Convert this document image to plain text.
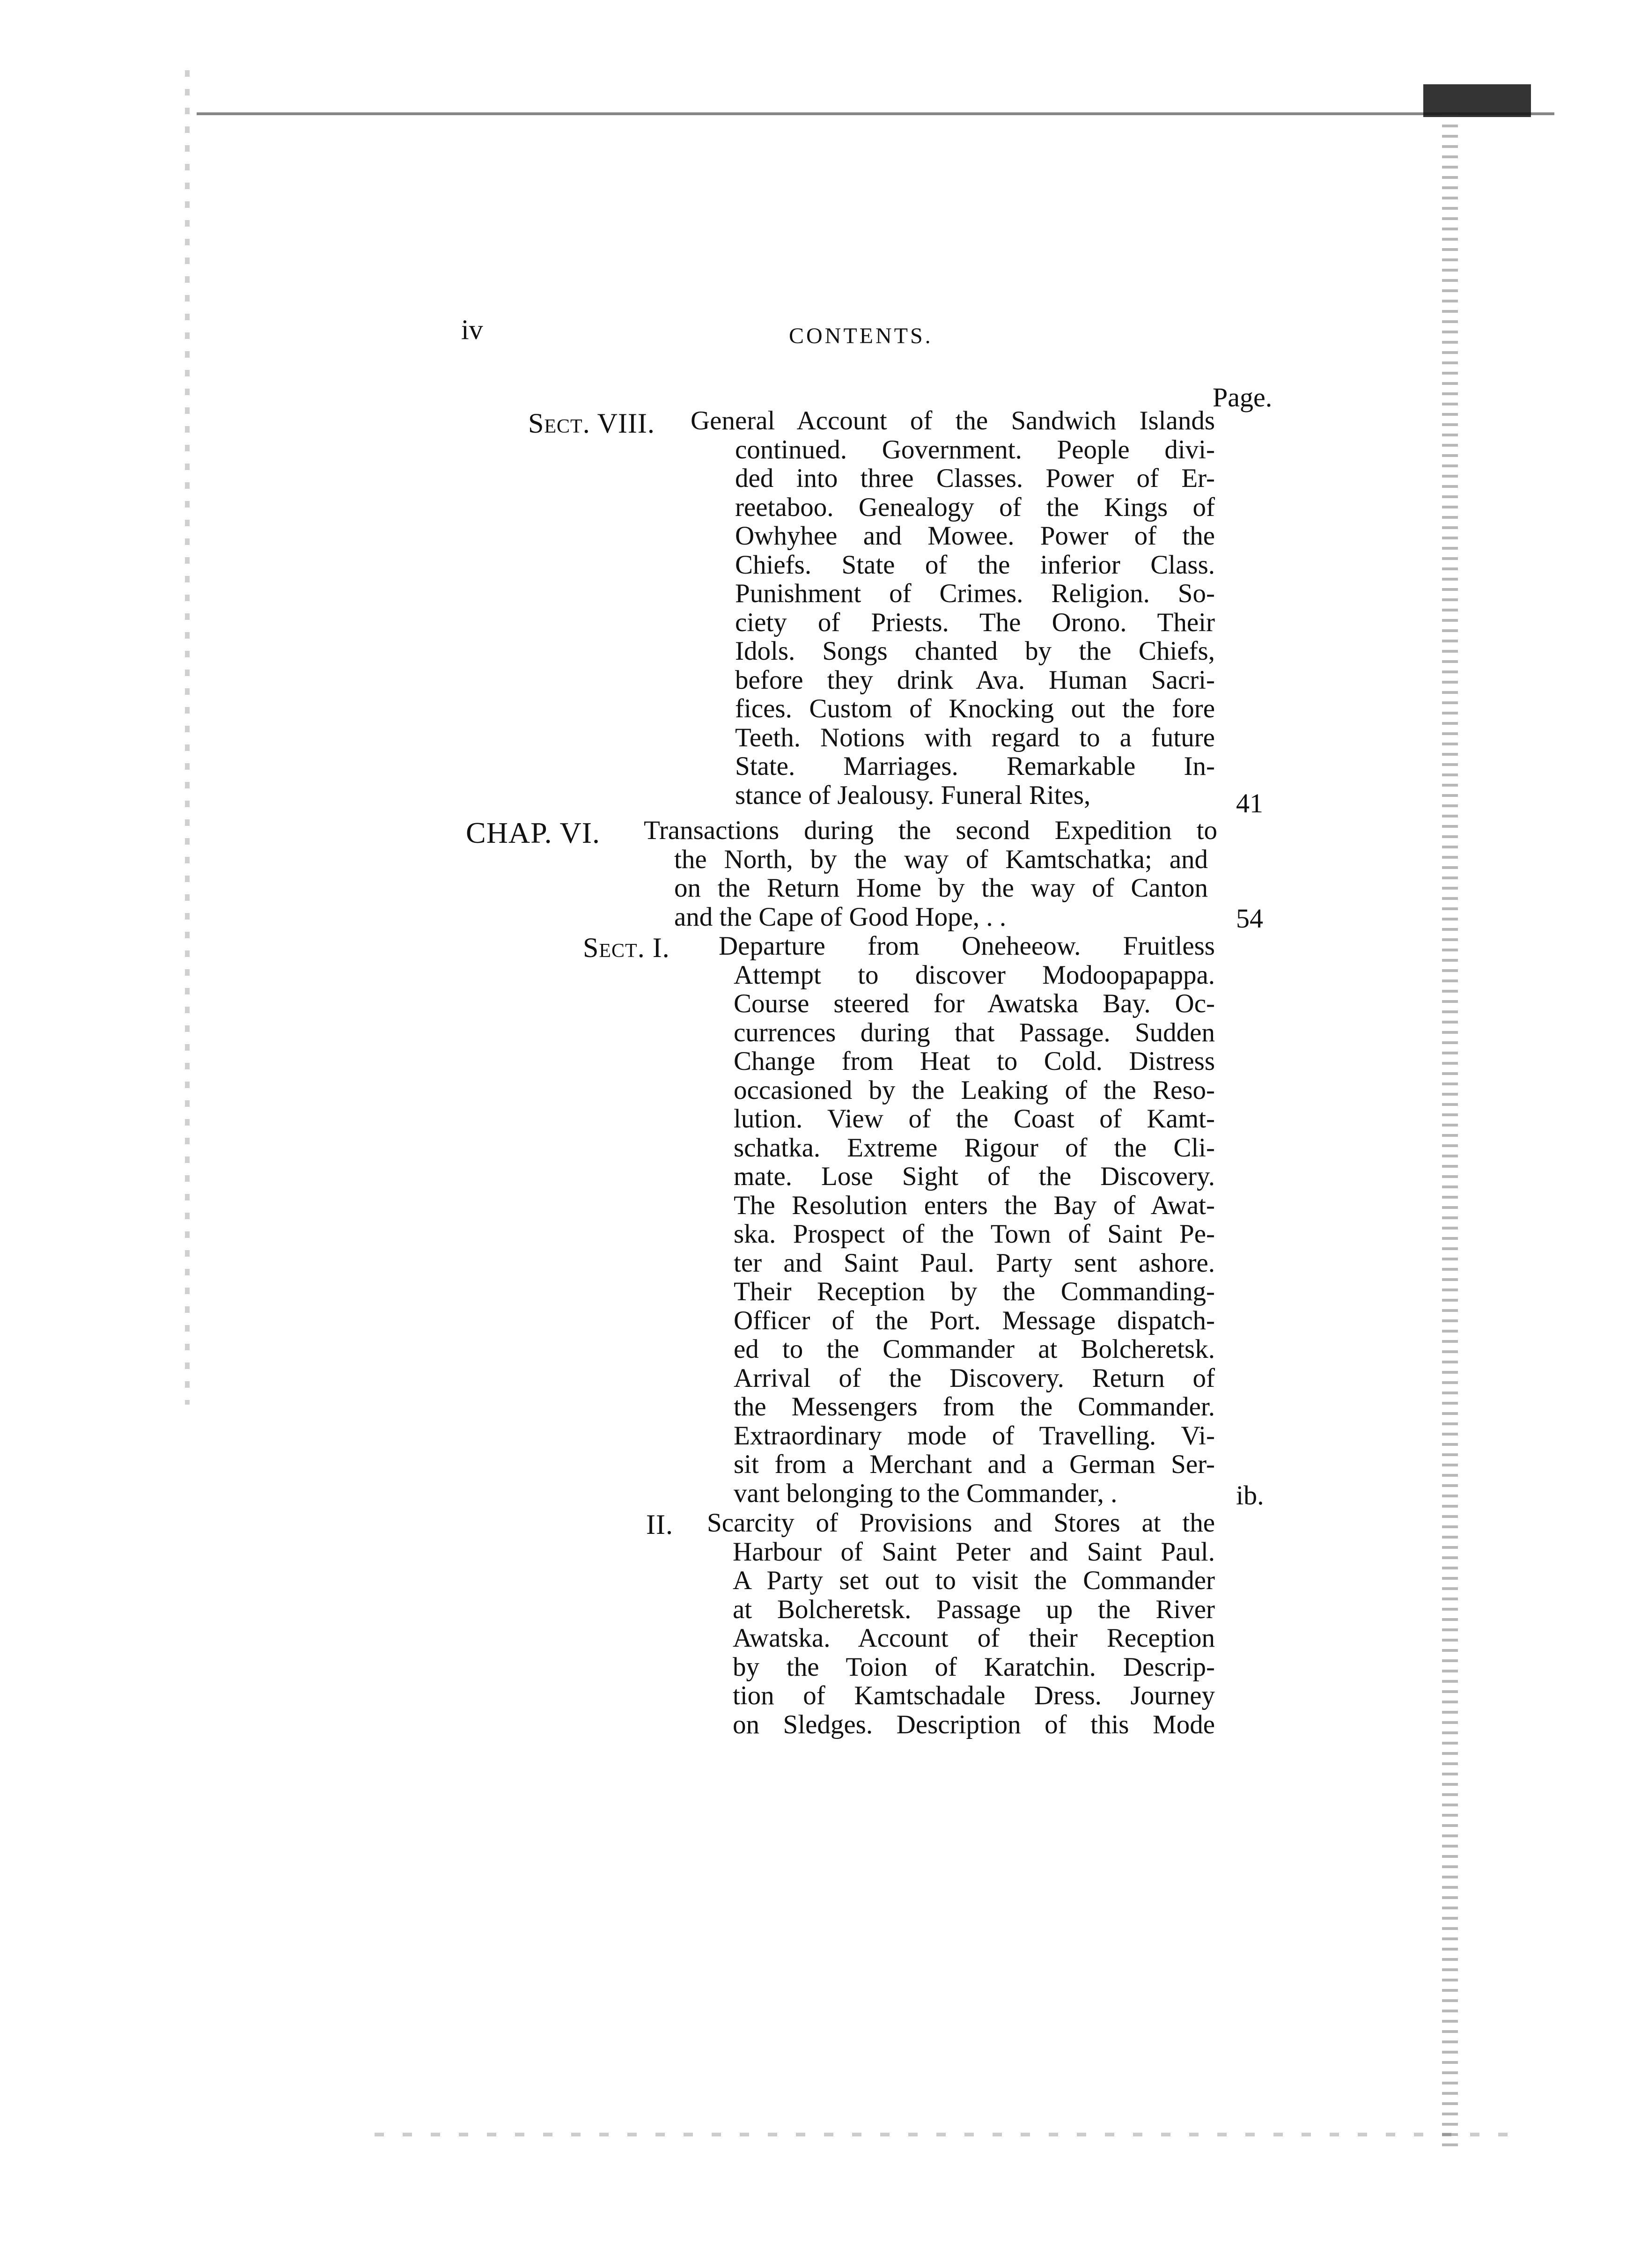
iv	CONTENTS.
Page.
Sect. VIII. General Account of the Sandwich Islands
continued. Government. People divi-
ded into three Classes. Power of Er-
reetaboo. Genealogy of the Kings of
Owhyhee and Mowee. Power of the
Chiefs. State of the inferior Class.
Punishment of Crimes. Religion. So-
ciety of Priests. The Orono. Their
Idols. Songs chanted by the Chiefs,
before they drink Ava. Human Sacri-
fices. Custom of Knocking out the fore
Teeth. Notions with regard to a future
State. Marriages. Remarkable In-
stance of Jealousy. Funeral Rites,	41
CHAP. VI. Transactions during the second Expedition to
the North, by the way of Kamtschatka; and
on the Return Home by the way of Canton
and the Cape of Good Hope, . .	54
Sect. I. Departure from Oneheeow. Fruitless
Attempt to discover Modoopapappa.
Course steered for Awatska Bay. Oc-
currences during that Passage. Sudden
Change from Heat to Cold. Distress
occasioned by the Leaking of the Reso-
lution. View of the Coast of Kamt-
schatka. Extreme Rigour of the Cli-
mate. Lose Sight of the Discovery.
The Resolution enters the Bay of Awat-
ska. Prospect of the Town of Saint Pe-
ter and Saint Paul. Party sent ashore.
Their Reception by the Commanding-
Officer of the Port. Message dispatch-
ed to the Commander at Bolcheretsk.
Arrival of the Discovery. Return of
the Messengers from the Commander.
Extraordinary mode of Travelling. Vi-
sit from a Merchant and a German Ser-
vant belonging to the Commander, .	ib.
II. Scarcity of Provisions and Stores at the
Harbour of Saint Peter and Saint Paul.
A Party set out to visit the Commander
at Bolcheretsk. Passage up the River
Awatska. Account of their Reception
by the Toion of Karatchin. Descrip-
tion of Kamtschadale Dress. Journey
on Sledges. Description of this Mode
